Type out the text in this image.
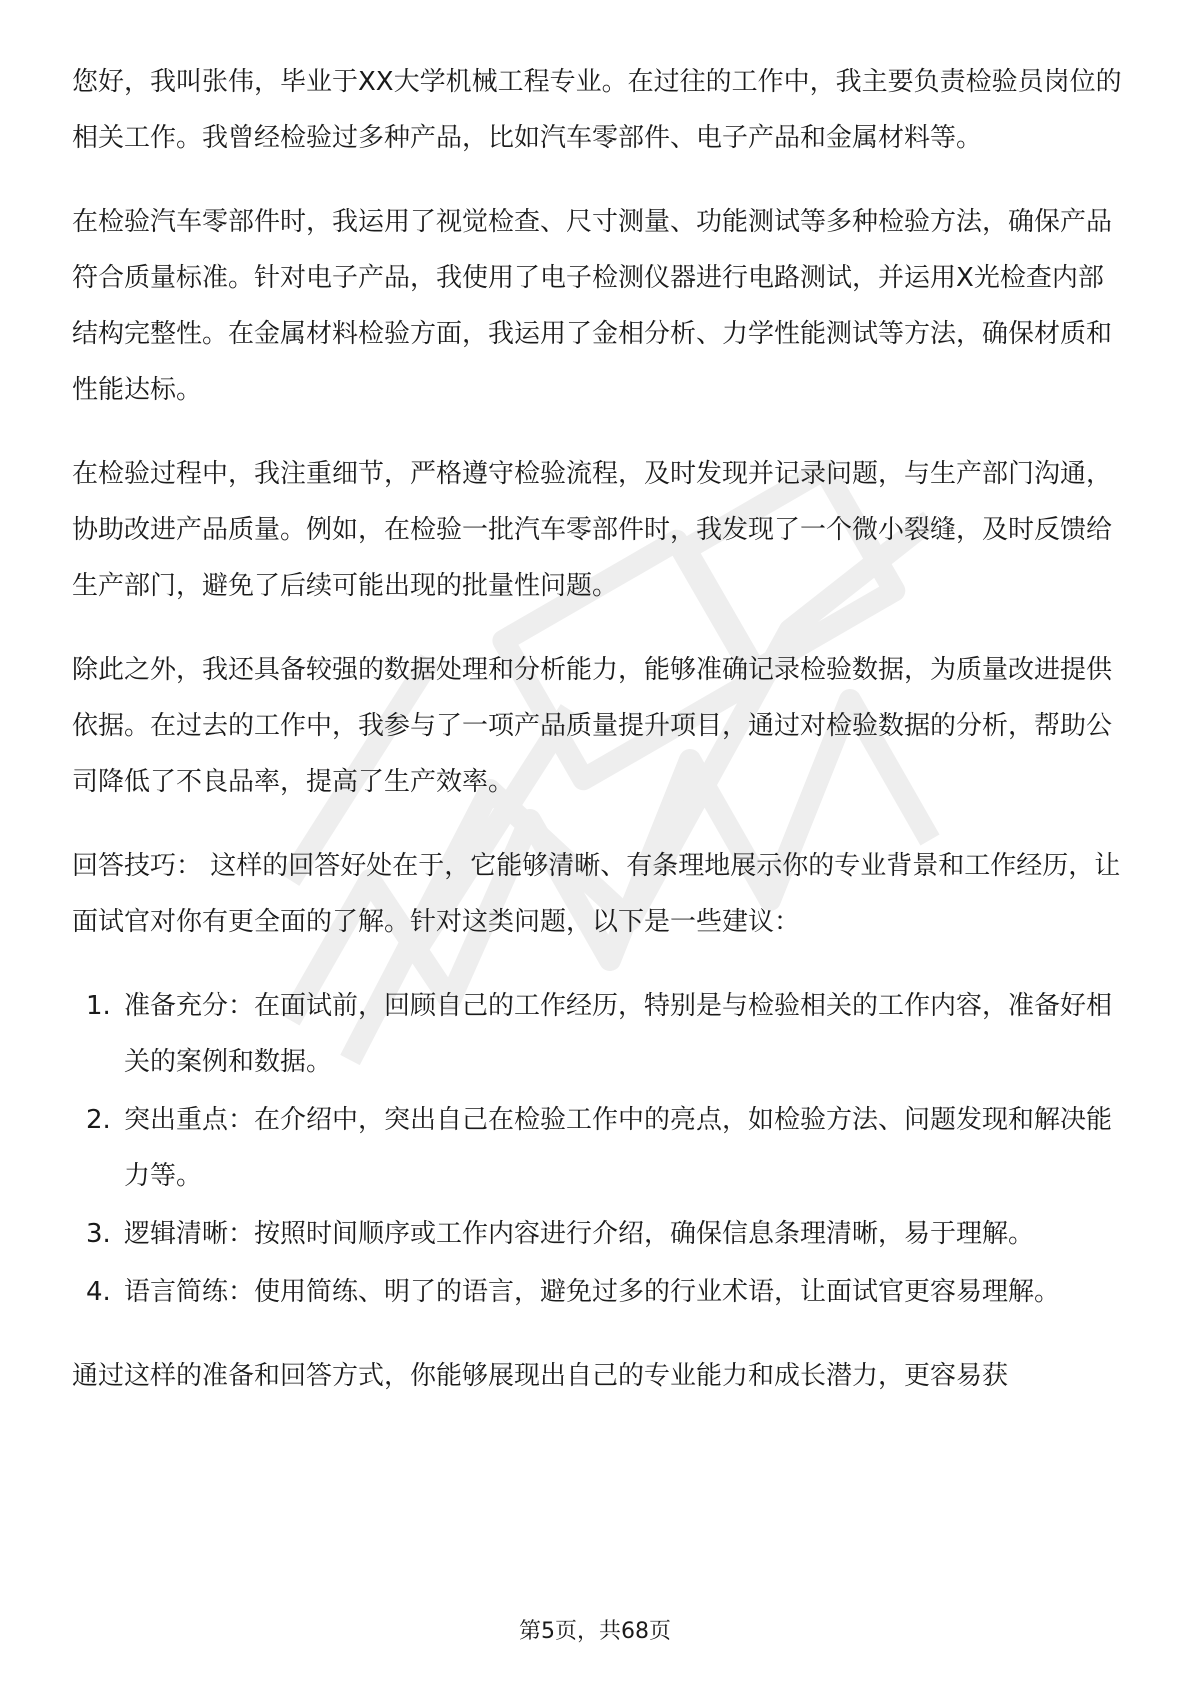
您好，我叫张伟，毕业于XX大学机械工程专业。在过往的工作中，我主要负责检验员岗位的相关工作。我曾经检验过多种产品，比如汽车零部件、电子产品和金属材料等。

在检验汽车零部件时，我运用了视觉检查、尺寸测量、功能测试等多种检验方法，确保产品符合质量标准。针对电子产品，我使用了电子检测仪器进行电路测试，并运用X光检查内部结构完整性。在金属材料检验方面，我运用了金相分析、力学性能测试等方法，确保材质和性能达标。

在检验过程中，我注重细节，严格遵守检验流程，及时发现并记录问题，与生产部门沟通，协助改进产品质量。例如，在检验一批汽车零部件时，我发现了一个微小裂缝，及时反馈给生产部门，避免了后续可能出现的批量性问题。

除此之外，我还具备较强的数据处理和分析能力，能够准确记录检验数据，为质量改进提供依据。在过去的工作中，我参与了一项产品质量提升项目，通过对检验数据的分析，帮助公司降低了不良品率，提高了生产效率。

回答技巧： 这样的回答好处在于，它能够清晰、有条理地展示你的专业背景和工作经历，让面试官对你有更全面的了解。针对这类问题，以下是一些建议：

1. 准备充分：在面试前，回顾自己的工作经历，特别是与检验相关的工作内容，准备好相关的案例和数据。
2. 突出重点：在介绍中，突出自己在检验工作中的亮点，如检验方法、问题发现和解决能力等。
3. 逻辑清晰：按照时间顺序或工作内容进行介绍，确保信息条理清晰，易于理解。
4. 语言简练：使用简练、明了的语言，避免过多的行业术语，让面试官更容易理解。

通过这样的准备和回答方式，你能够展现出自己的专业能力和成长潜力，更容易获

第5页，共68页
